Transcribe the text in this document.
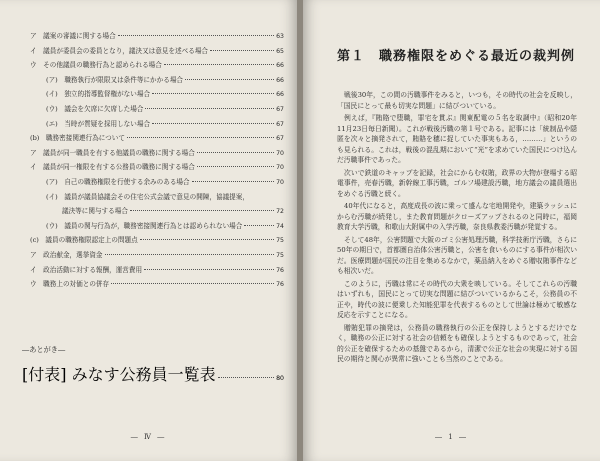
ア　議案の審議に関する場合	63
イ　議員が委員会の委員となり，議決又は意見を述べる場合	65
ウ　その他議員の職務行為と認められる場合	66
(ア)　職務執行が限限又は条件等にかかる場合	66
(イ)　独立的指導監督権がない場合	66
(ウ)　議会を欠席に欠席した場合	67
(エ)　当時が質疑を採用しない場合	67
(b)　職務密接関連行為について	67
ア　議員が同一職員を有する他議員の職務に関する場合	70
イ　議員が同一権限を有する公務員の職務に関する場合	70
(ア)　自己の職務権限を行使する余みのある場合	70
(イ)　議員が議員協議会その住宅公式会議で意見の開陳，協議提案，
議決等に関与する場合	72
(ウ)　議員の関与行為が，職務密接関連行為とは認められない場合	74
(c)　議員の職務権限認定上の問題点	75
ア　政治献金，選挙資金	75
イ　政治活動に対する報酬，運営費用	76
ウ　職務上の対価との併存	76
―あとがき―
[付表] みなす公務員一覧表	80
― Ⅳ ―
第１　職務権限をめぐる最近の裁判例

戦後30年，この間の汚職事件をみると，いつも，その時代の社会を反映し，「国民にとって最も切実な問題」に結びついている。

例えば，『賄賂で堕職，罪宅を貫ぶ』関東配電の５名を取調中』（昭和20年11月23日毎日新聞）。これが戦後汚職の第１号である。記事には「統制品や隠匿を次々と摘発されて，賄賂を穂に捉していた事実もある，………」というのも見られる。これは，戦後の混乱期において“光”を求めていた国民につけ込んだ汚職事件であった。

次いで鉄道のキャップを記録，社会にからむ収賄，政界の大物が登場する昭電事件，売春汚職，新幹線工事汚職，ゴルフ場建設汚職，地方議会の議員選出をめぐる汚職と続く。

40年代になると，高度成長の波に乗って盛んな宅地開発や，建築ラッシュにからむ汚職が続発し，また教育問題がクローズアップされるのと同時に，福岡教育大学汚職，和歌山大附属中の入学汚職，奈良県教委汚職が発覚する。

そして48年，公害問題で大阪のゴミ公害処理汚職，科学技術庁汚職，さらに50年の期日で，首都圏自治体公害汚職と，公害を食いものにする事件が相次いだ。医療問題が国民の注目を集めるなかで，薬品納入をめぐる贈収賄事件なども相次いだ。

このように，汚職は常にその時代の大衆を映している。そしてこれらの汚職はいずれも，国民にとって切実な問題に結びついているからこそ，公務員の不正や，時代の波に便乗した知能犯罪を代表するものとして世論は極めて敏感な反応を示すことになる。

贈賄犯罪の摘発は，公務員の職務執行の公正を保持しようとするだけでなく，職務の公正に対する社会の信頼をも確保しようとするものであって，社会的公正を確保するための基盤であるから，清潔で公正な社会の実現に対する国民の期待と関心が異常に強いことも当然のことである。

― 1 ―
